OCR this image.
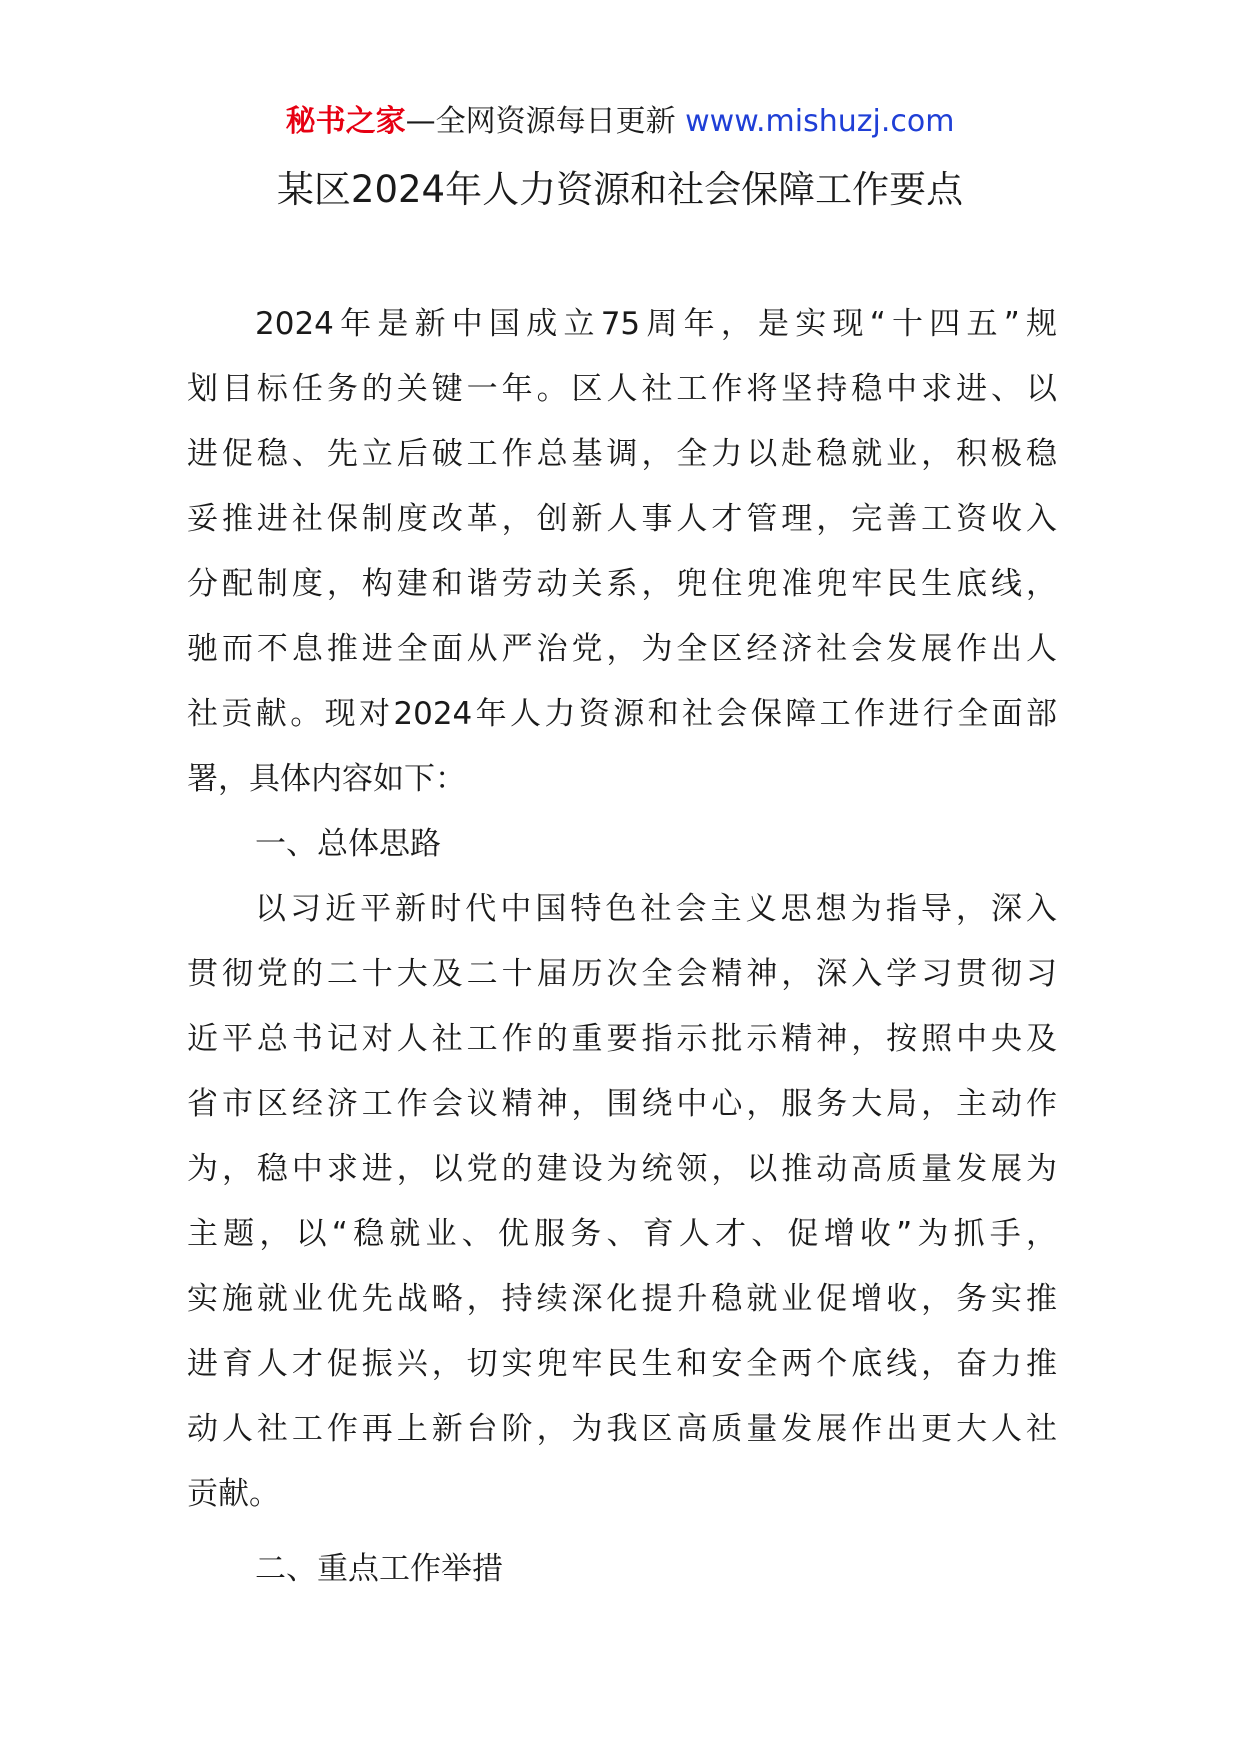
秘书之家—全网资源每日更新 www.mishuzj.com
某区2024年人力资源和社会保障工作要点
2024年是新中国成立75周年，是实现“十四五”规
划目标任务的关键一年。区人社工作将坚持稳中求进、以
进促稳、先立后破工作总基调，全力以赴稳就业，积极稳
妥推进社保制度改革，创新人事人才管理，完善工资收入
分配制度，构建和谐劳动关系，兜住兜准兜牢民生底线，
驰而不息推进全面从严治党，为全区经济社会发展作出人
社贡献。现对2024年人力资源和社会保障工作进行全面部
署，具体内容如下：
一、总体思路
以习近平新时代中国特色社会主义思想为指导，深入
贯彻党的二十大及二十届历次全会精神，深入学习贯彻习
近平总书记对人社工作的重要指示批示精神，按照中央及
省市区经济工作会议精神，围绕中心，服务大局，主动作
为，稳中求进，以党的建设为统领，以推动高质量发展为
主题，以“稳就业、优服务、育人才、促增收”为抓手，
实施就业优先战略，持续深化提升稳就业促增收，务实推
进育人才促振兴，切实兜牢民生和安全两个底线，奋力推
动人社工作再上新台阶，为我区高质量发展作出更大人社
贡献。
二、重点工作举措
